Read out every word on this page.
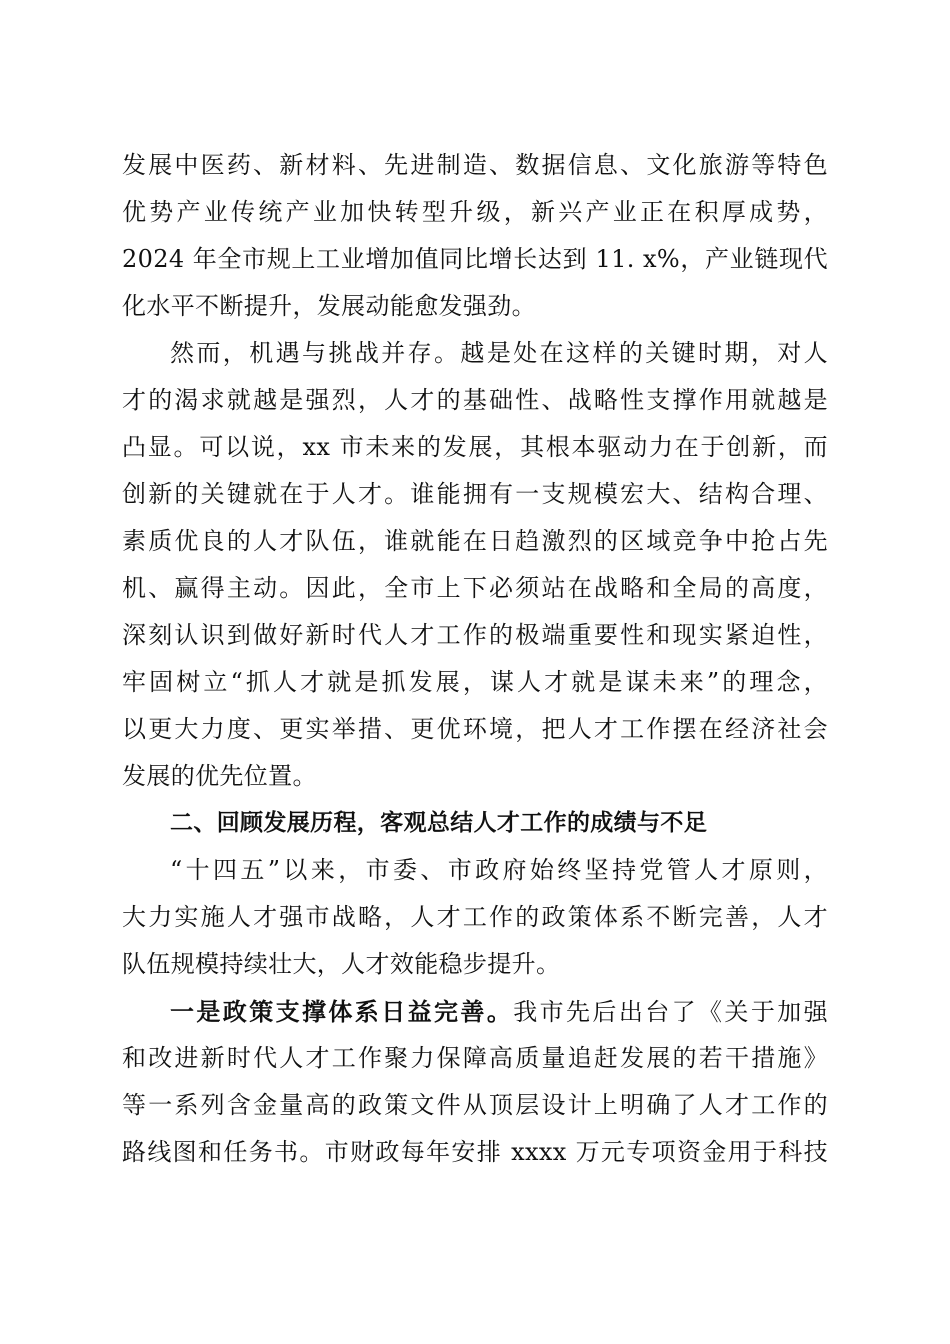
发展中医药、新材料、先进制造、数据信息、文化旅游等特色
优势产业传统产业加快转型升级，新兴产业正在积厚成势，
2024 年全市规上工业增加值同比增长达到 11. x%，产业链现代
化水平不断提升，发展动能愈发强劲。
然而，机遇与挑战并存。越是处在这样的关键时期，对人
才的渴求就越是强烈，人才的基础性、战略性支撑作用就越是
凸显。可以说，xx 市未来的发展，其根本驱动力在于创新，而
创新的关键就在于人才。谁能拥有一支规模宏大、结构合理、
素质优良的人才队伍，谁就能在日趋激烈的区域竞争中抢占先
机、赢得主动。因此，全市上下必须站在战略和全局的高度，
深刻认识到做好新时代人才工作的极端重要性和现实紧迫性，
牢固树立“抓人才就是抓发展，谋人才就是谋未来”的理念，
以更大力度、更实举措、更优环境，把人才工作摆在经济社会
发展的优先位置。
二、回顾发展历程，客观总结人才工作的成绩与不足
“十四五”以来，市委、市政府始终坚持党管人才原则，
大力实施人才强市战略，人才工作的政策体系不断完善，人才
队伍规模持续壮大，人才效能稳步提升。
一是政策支撑体系日益完善。我市先后出台了《关于加强
和改进新时代人才工作聚力保障高质量追赶发展的若干措施》
等一系列含金量高的政策文件从顶层设计上明确了人才工作的
路线图和任务书。市财政每年安排 xxxx 万元专项资金用于科技
